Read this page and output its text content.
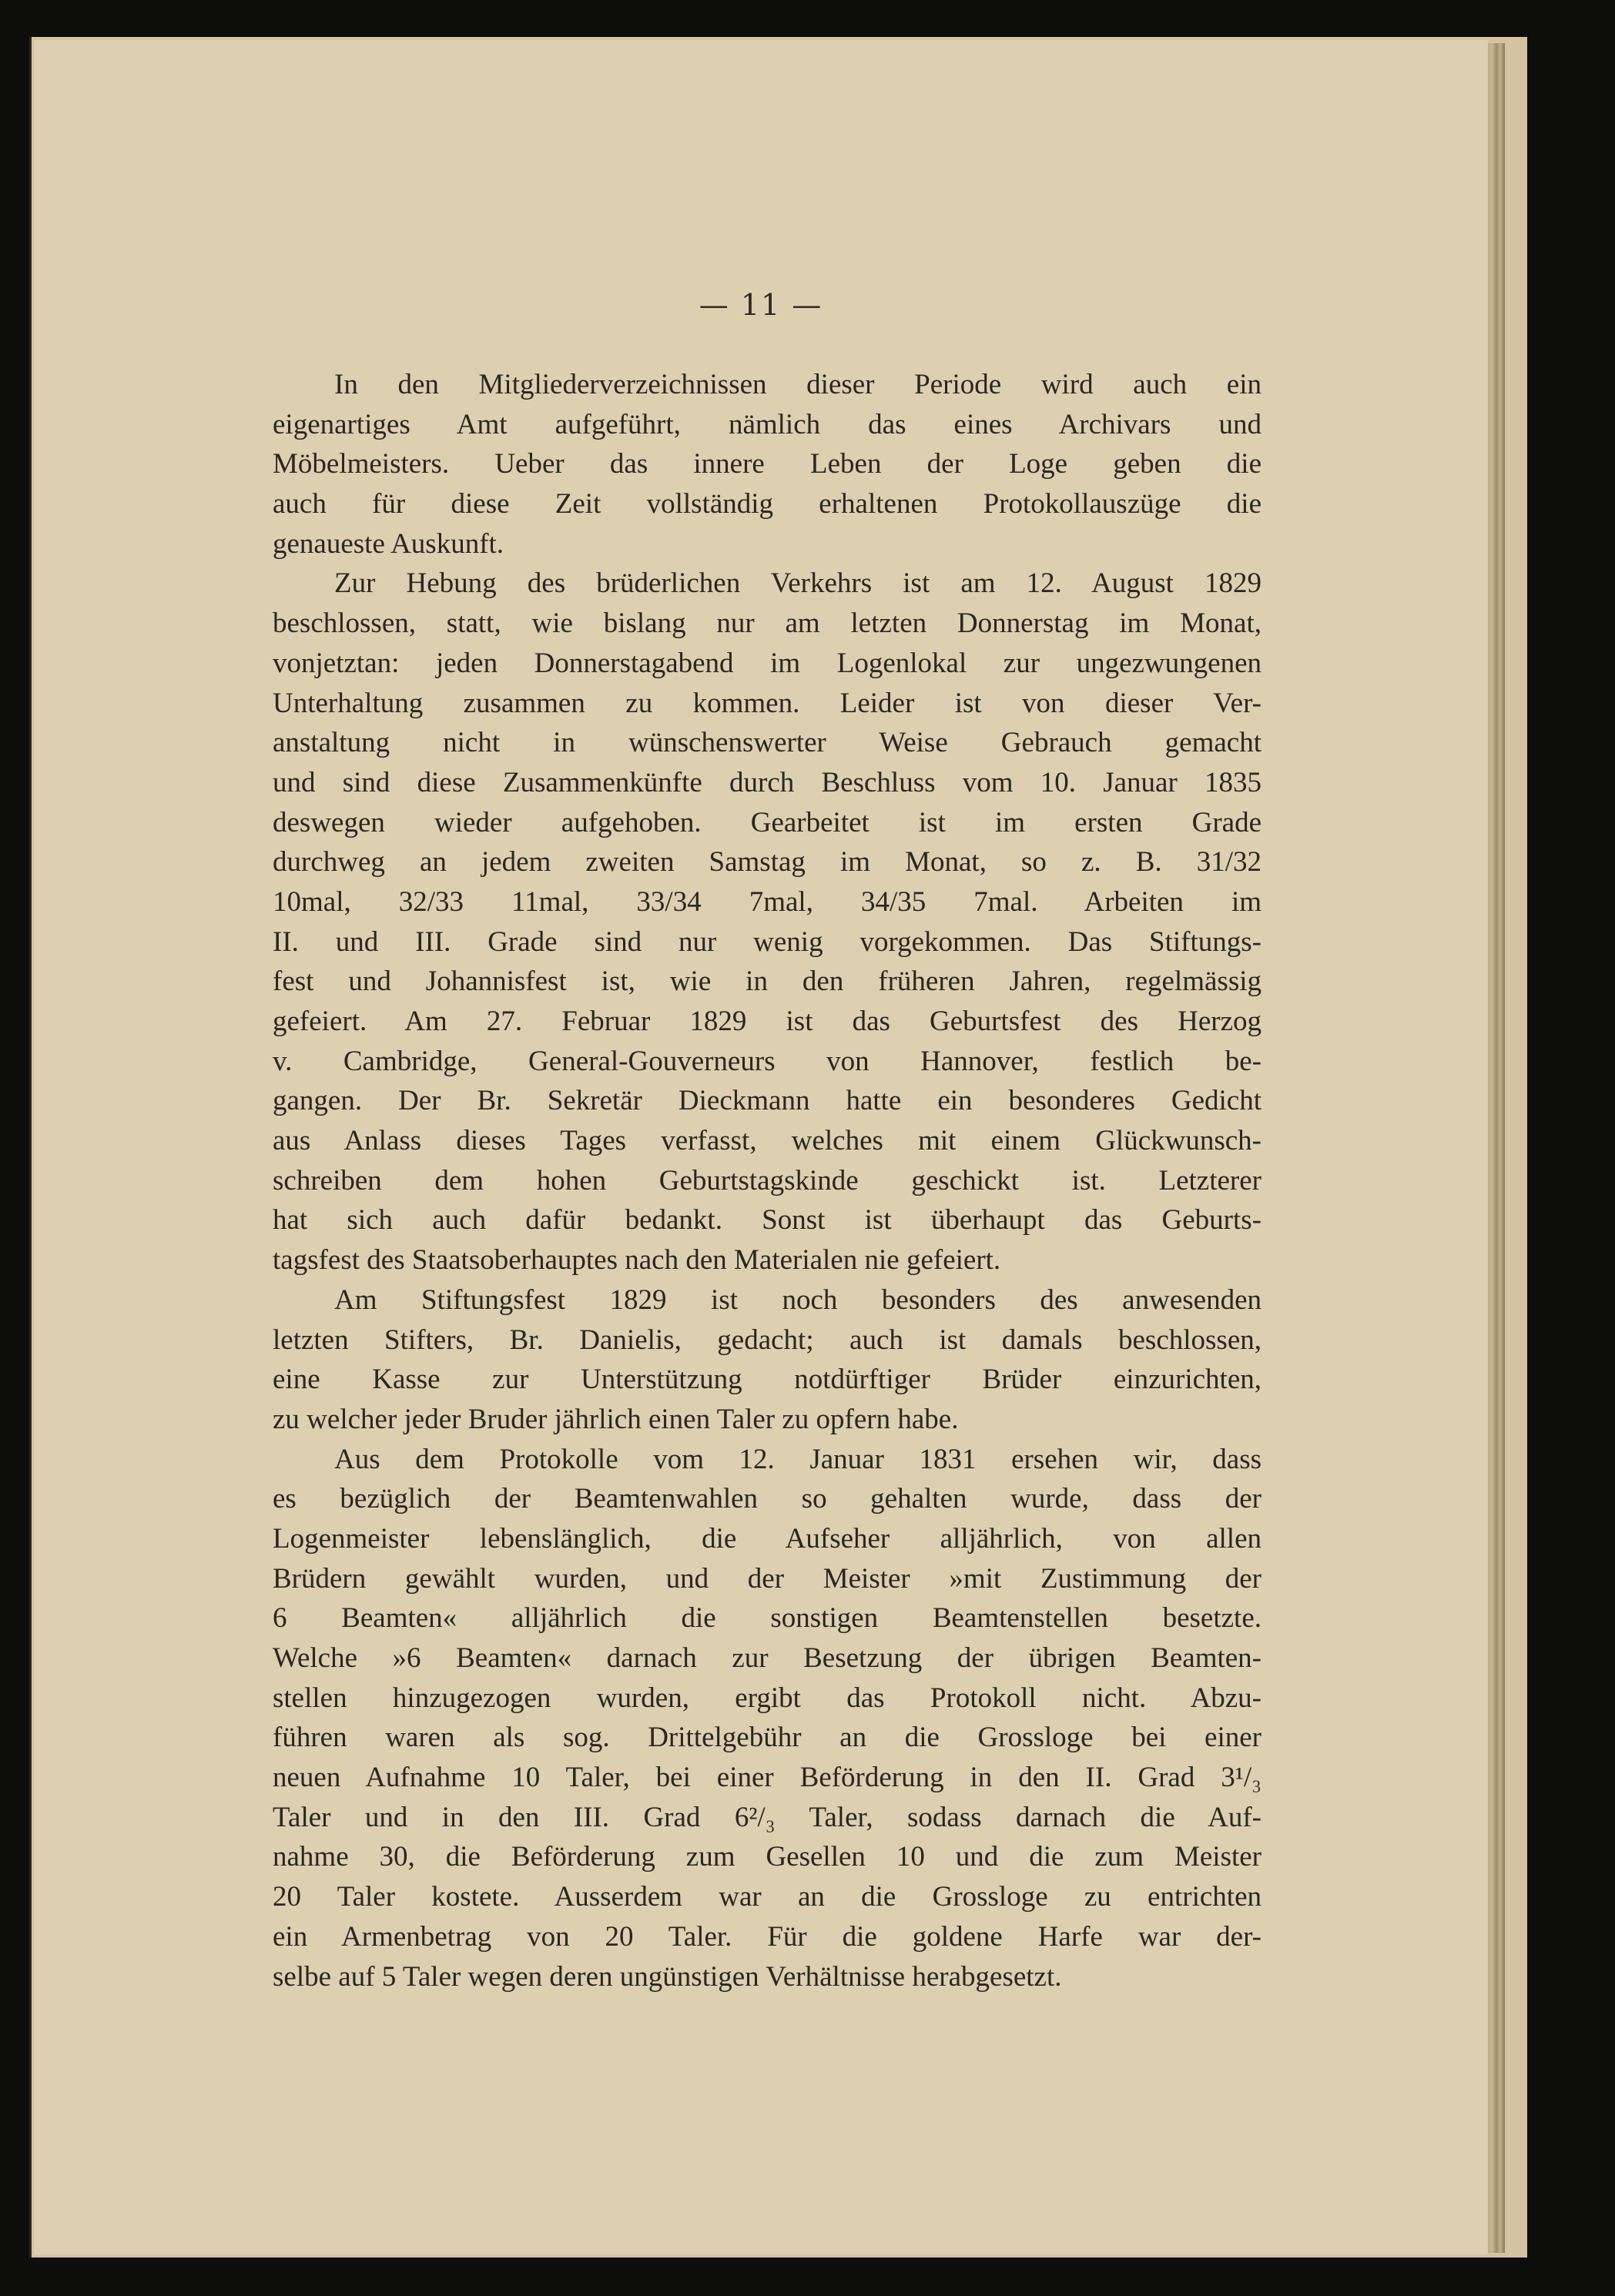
— 11 —
In den Mitgliederverzeichnissen dieser Periode wird auch ein
eigenartiges Amt aufgeführt, nämlich das eines Archivars und
Möbelmeisters. Ueber das innere Leben der Loge geben die
auch für diese Zeit vollständig erhaltenen Protokollauszüge die
genaueste Auskunft.
Zur Hebung des brüderlichen Verkehrs ist am 12. August 1829
beschlossen, statt, wie bislang nur am letzten Donnerstag im Monat,
vonjetztan: jeden Donnerstagabend im Logenlokal zur ungezwungenen
Unterhaltung zusammen zu kommen. Leider ist von dieser Ver-
anstaltung nicht in wünschenswerter Weise Gebrauch gemacht
und sind diese Zusammenkünfte durch Beschluss vom 10. Januar 1835
deswegen wieder aufgehoben. Gearbeitet ist im ersten Grade
durchweg an jedem zweiten Samstag im Monat, so z. B. 31/32
10mal, 32/33 11mal, 33/34 7mal, 34/35 7mal. Arbeiten im
II. und III. Grade sind nur wenig vorgekommen. Das Stiftungs-
fest und Johannisfest ist, wie in den früheren Jahren, regelmässig
gefeiert. Am 27. Februar 1829 ist das Geburtsfest des Herzog
v. Cambridge, General-Gouverneurs von Hannover, festlich be-
gangen. Der Br. Sekretär Dieckmann hatte ein besonderes Gedicht
aus Anlass dieses Tages verfasst, welches mit einem Glückwunsch-
schreiben dem hohen Geburtstagskinde geschickt ist. Letzterer
hat sich auch dafür bedankt. Sonst ist überhaupt das Geburts-
tagsfest des Staatsoberhauptes nach den Materialen nie gefeiert.
Am Stiftungsfest 1829 ist noch besonders des anwesenden
letzten Stifters, Br. Danielis, gedacht; auch ist damals beschlossen,
eine Kasse zur Unterstützung notdürftiger Brüder einzurichten,
zu welcher jeder Bruder jährlich einen Taler zu opfern habe.
Aus dem Protokolle vom 12. Januar 1831 ersehen wir, dass
es bezüglich der Beamtenwahlen so gehalten wurde, dass der
Logenmeister lebenslänglich, die Aufseher alljährlich, von allen
Brüdern gewählt wurden, und der Meister »mit Zustimmung der
6 Beamten« alljährlich die sonstigen Beamtenstellen besetzte.
Welche »6 Beamten« darnach zur Besetzung der übrigen Beamten-
stellen hinzugezogen wurden, ergibt das Protokoll nicht. Abzu-
führen waren als sog. Drittelgebühr an die Grossloge bei einer
neuen Aufnahme 10 Taler, bei einer Beförderung in den II. Grad 3¹/₃
Taler und in den III. Grad 6²/₃ Taler, sodass darnach die Auf-
nahme 30, die Beförderung zum Gesellen 10 und die zum Meister
20 Taler kostete. Ausserdem war an die Grossloge zu entrichten
ein Armenbetrag von 20 Taler. Für die goldene Harfe war der-
selbe auf 5 Taler wegen deren ungünstigen Verhältnisse herabgesetzt.
